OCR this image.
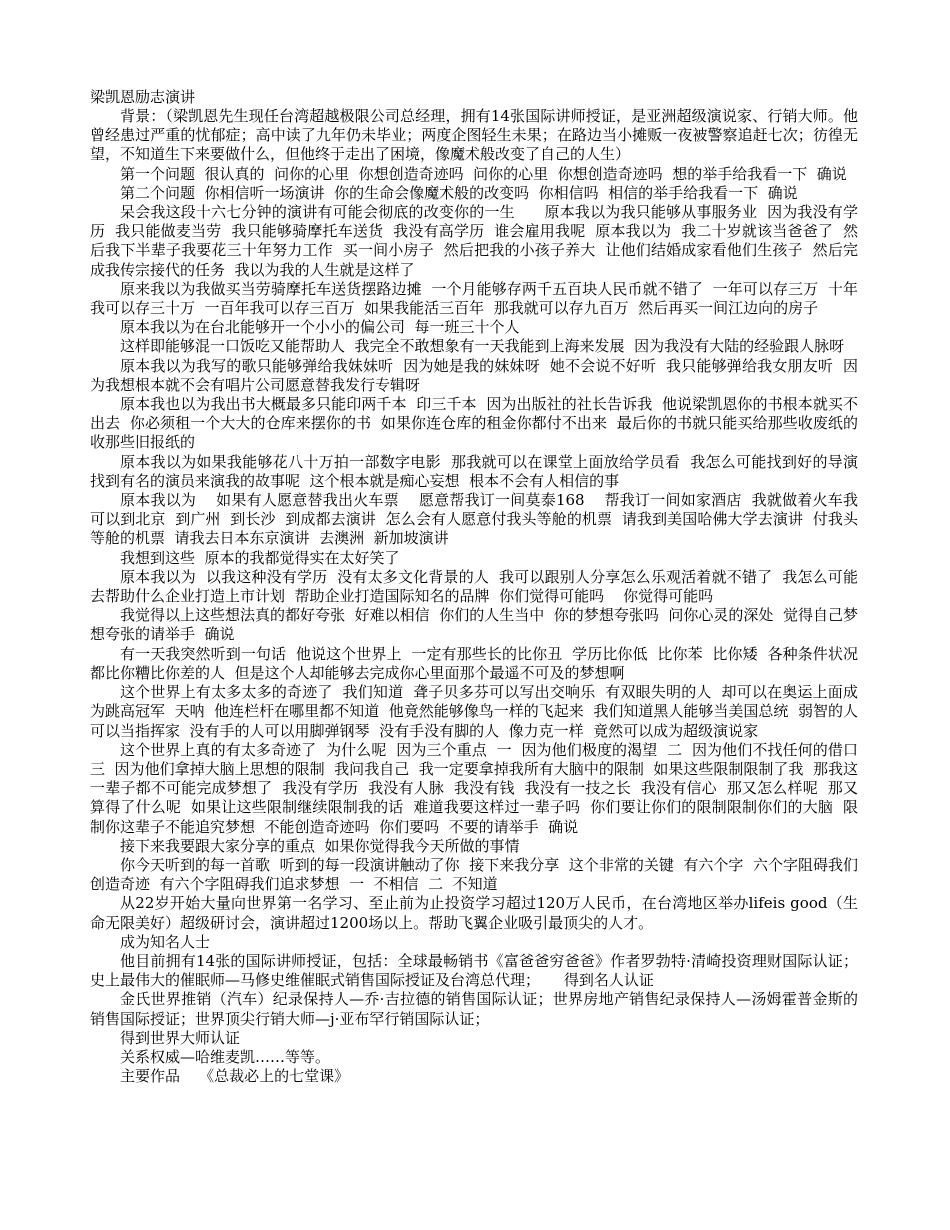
梁凯恩励志演讲

背景：（梁凯恩先生现任台湾超越极限公司总经理，拥有14张国际讲师授证，是亚洲超级演说家、行销大师。他曾经患过严重的忧郁症；高中读了九年仍未毕业；两度企图轻生未果；在路边当小摊贩一夜被警察追赶七次；彷徨无望，不知道生下来要做什么，但他终于走出了困境，像魔术般改变了自己的人生）

第一个问题  很认真的  问你的心里  你想创造奇迹吗  问你的心里  你想创造奇迹吗  想的举手给我看一下  确说

第二个问题  你相信听一场演讲  你的生命会像魔术般的改变吗  你相信吗  相信的举手给我看一下  确说

呆会我这段十六七分钟的演讲有可能会彻底的改变你的一生      原本我以为我只能够从事服务业  因为我没有学历  我只能做麦当劳  我只能够骑摩托车送货  我没有高学历  谁会雇用我呢  原本我以为  我二十岁就该当爸爸了  然后我下半辈子我要花三十年努力工作  买一间小房子  然后把我的小孩子养大  让他们结婚成家看他们生孩子  然后完成我传宗接代的任务  我以为我的人生就是这样了

原来我以为我做买当劳骑摩托车送货摆路边摊  一个月能够存两千五百块人民币就不错了  一年可以存三万  十年我可以存三十万  一百年我可以存三百万  如果我能活三百年  那我就可以存九百万  然后再买一间江边向的房子

原本我以为在台北能够开一个小小的偏公司  每一班三十个人

这样即能够混一口饭吃又能帮助人  我完全不敢想象有一天我能到上海来发展  因为我没有大陆的经验跟人脉呀

原本我以为我写的歌只能够弹给我妹妹听  因为她是我的妹妹呀  她不会说不好听  我只能够弹给我女朋友听  因为我想根本就不会有唱片公司愿意替我发行专辑呀

原本我也以为我出书大概最多只能印两千本  印三千本  因为出版社的社长告诉我  他说梁凯恩你的书根本就买不出去  你必须租一个大大的仓库来摆你的书  如果你连仓库的租金你都付不出来  最后你的书就只能买给那些收废纸的  收那些旧报纸的

原本我以为如果我能够花八十万拍一部数字电影  那我就可以在课堂上面放给学员看  我怎么可能找到好的导演  找到有名的演员来演我的故事呢  这个根本就是痴心妄想  根本不会有人相信的事

原本我以为    如果有人愿意替我出火车票    愿意帮我订一间莫泰168    帮我订一间如家酒店  我就做着火车我可以到北京  到广州  到长沙  到成都去演讲  怎么会有人愿意付我头等舱的机票  请我到美国哈佛大学去演讲  付我头等舱的机票  请我去日本东京演讲  去澳洲  新加坡演讲

我想到这些  原本的我都觉得实在太好笑了

原本我以为  以我这种没有学历  没有太多文化背景的人  我可以跟别人分享怎么乐观活着就不错了  我怎么可能去帮助什么企业打造上市计划  帮助企业打造国际知名的品牌  你们觉得可能吗    你觉得可能吗

我觉得以上这些想法真的都好夸张  好难以相信  你们的人生当中  你的梦想夸张吗  问你心灵的深处  觉得自己梦想夸张的请举手  确说

有一天我突然听到一句话  他说这个世界上  一定有那些长的比你丑  学历比你低  比你苯  比你矮  各种条件状况都比你糟比你差的人  但是这个人却能够去完成你心里面那个最遥不可及的梦想啊

这个世界上有太多太多的奇迹了  我们知道  聋子贝多芬可以写出交响乐  有双眼失明的人  却可以在奥运上面成为跳高冠军  天呐  他连栏杆在哪里都不知道  他竟然能够像鸟一样的飞起来  我们知道黑人能够当美国总统  弱智的人可以当指挥家  没有手的人可以用脚弹钢琴  没有手没有脚的人  像力克一样  竟然可以成为超级演说家

这个世界上真的有太多奇迹了  为什么呢  因为三个重点  一  因为他们极度的渴望  二  因为他们不找任何的借口  三  因为他们拿掉大脑上思想的限制  我问我自己  我一定要拿掉我所有大脑中的限制  如果这些限制限制了我  那我这一辈子都不可能完成梦想了  我没有学历  我没有人脉  我没有钱  我没有一技之长  我没有信心  那又怎么样呢  那又算得了什么呢  如果让这些限制继续限制我的话  难道我要这样过一辈子吗  你们要让你们的限制限制你们的大脑  限制你这辈子不能追究梦想  不能创造奇迹吗  你们要吗  不要的请举手  确说

接下来我要跟大家分享的重点  如果你觉得我今天所做的事情

你今天听到的每一首歌  听到的每一段演讲触动了你  接下来我分享  这个非常的关键  有六个字  六个字阻碍我们创造奇迹  有六个字阻碍我们追求梦想  一  不相信  二  不知道

从22岁开始大量向世界第一名学习、至止前为止投资学习超过120万人民币，在台湾地区举办lifeis good（生命无限美好）超级研讨会，演讲超过1200场以上。帮助飞翼企业吸引最顶尖的人才。

成为知名人士

他目前拥有14张的国际讲师授证，包括：全球最畅销书《富爸爸穷爸爸》作者罗勃特·清崎投资理财国际认证；史上最伟大的催眠师—马修史维催眠式销售国际授证及台湾总代理；     得到名人认证

金氏世界推销（汽车）纪录保持人—乔·吉拉德的销售国际认证；世界房地产销售纪录保持人—汤姆霍普金斯的销售国际授证；世界顶尖行销大师—j·亚布罕行销国际认证；

得到世界大师认证

关系权威—哈维麦凯……等等。

主要作品    《总裁必上的七堂课》
